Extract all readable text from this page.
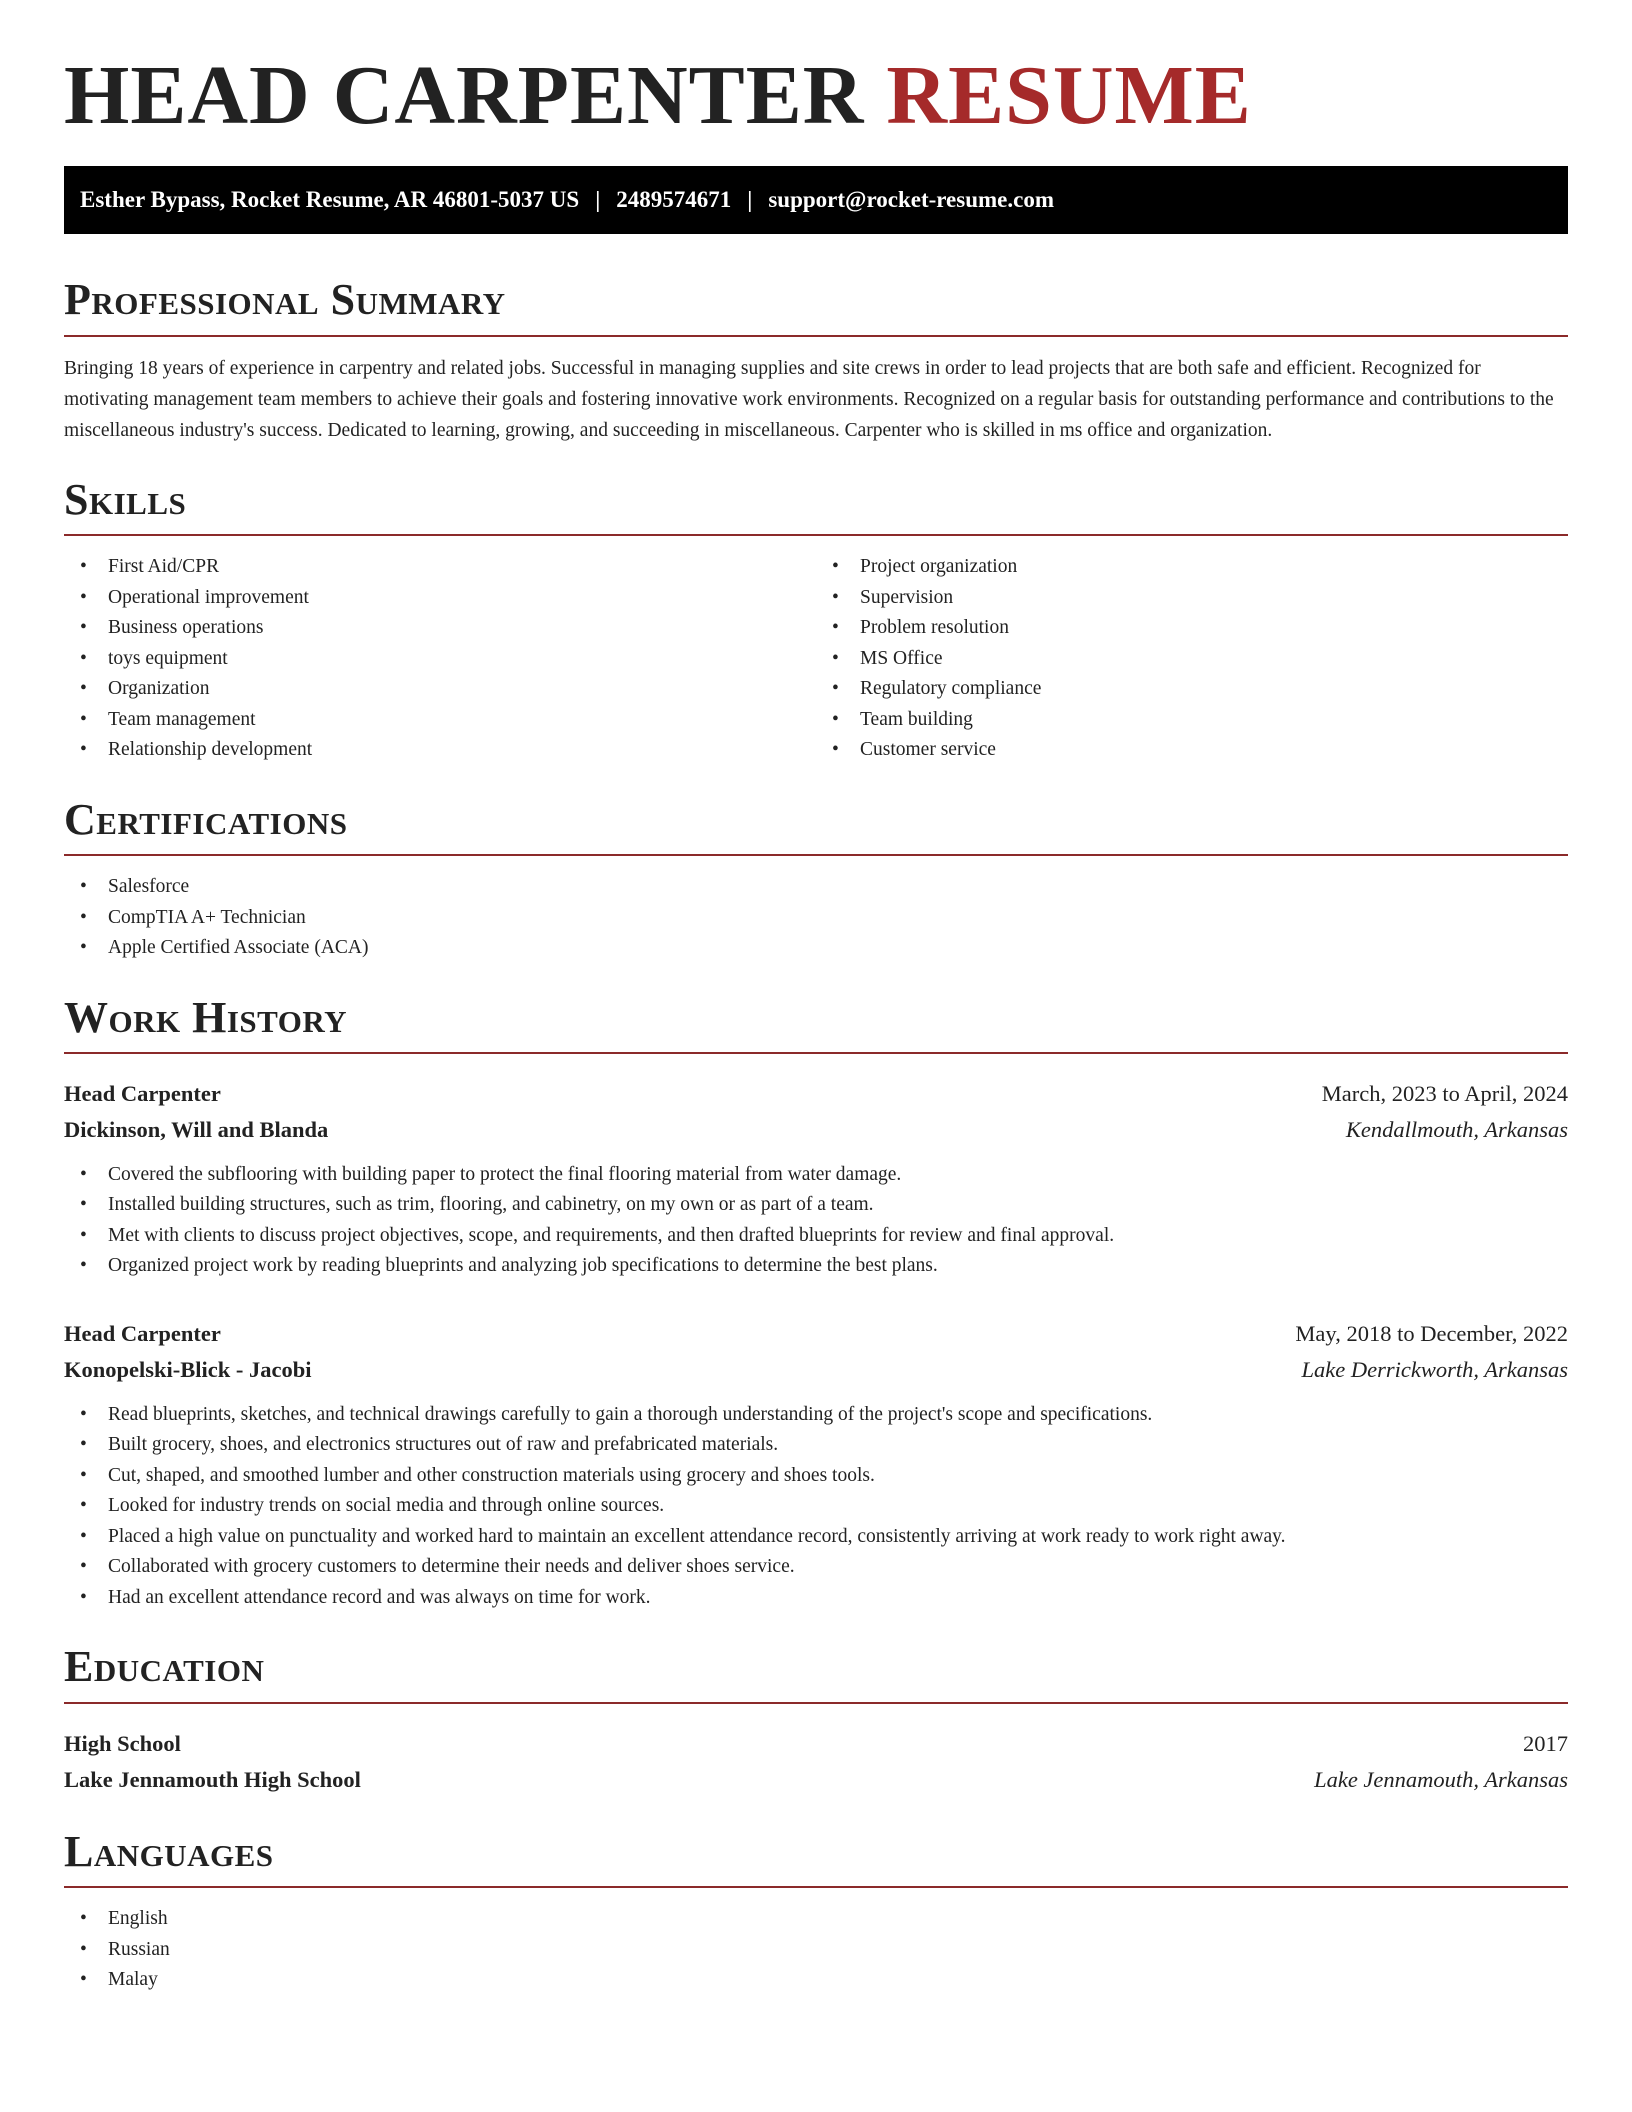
HEAD CARPENTER RESUME
Esther Bypass, Rocket Resume, AR 46801-5037 US | 2489574671 | support@rocket-resume.com
Professional Summary

Bringing 18 years of experience in carpentry and related jobs. Successful in managing supplies and site crews in order to lead projects that are both safe and efficient. Recognized for motivating management team members to achieve their goals and fostering innovative work environments. Recognized on a regular basis for outstanding performance and contributions to the miscellaneous industry's success. Dedicated to learning, growing, and succeeding in miscellaneous. Carpenter who is skilled in ms office and organization.

Skills
• First Aid/CPR
• Operational improvement
• Business operations
• toys equipment
• Organization
• Team management
• Relationship development
• Project organization
• Supervision
• Problem resolution
• MS Office
• Regulatory compliance
• Team building
• Customer service
Certifications
• Salesforce
• CompTIA A+ Technician
• Apple Certified Associate (ACA)
Work History
Head Carpenter	March, 2023 to April, 2024
Dickinson, Will and Blanda	Kendallmouth, Arkansas
• Covered the subflooring with building paper to protect the final flooring material from water damage.
• Installed building structures, such as trim, flooring, and cabinetry, on my own or as part of a team.
• Met with clients to discuss project objectives, scope, and requirements, and then drafted blueprints for review and final approval.
• Organized project work by reading blueprints and analyzing job specifications to determine the best plans.
Head Carpenter	May, 2018 to December, 2022
Konopelski-Blick - Jacobi	Lake Derrickworth, Arkansas
• Read blueprints, sketches, and technical drawings carefully to gain a thorough understanding of the project's scope and specifications.
• Built grocery, shoes, and electronics structures out of raw and prefabricated materials.
• Cut, shaped, and smoothed lumber and other construction materials using grocery and shoes tools.
• Looked for industry trends on social media and through online sources.
• Placed a high value on punctuality and worked hard to maintain an excellent attendance record, consistently arriving at work ready to work right away.
• Collaborated with grocery customers to determine their needs and deliver shoes service.
• Had an excellent attendance record and was always on time for work.
Education
High School	2017
Lake Jennamouth High School	Lake Jennamouth, Arkansas
Languages
• English
• Russian
• Malay
